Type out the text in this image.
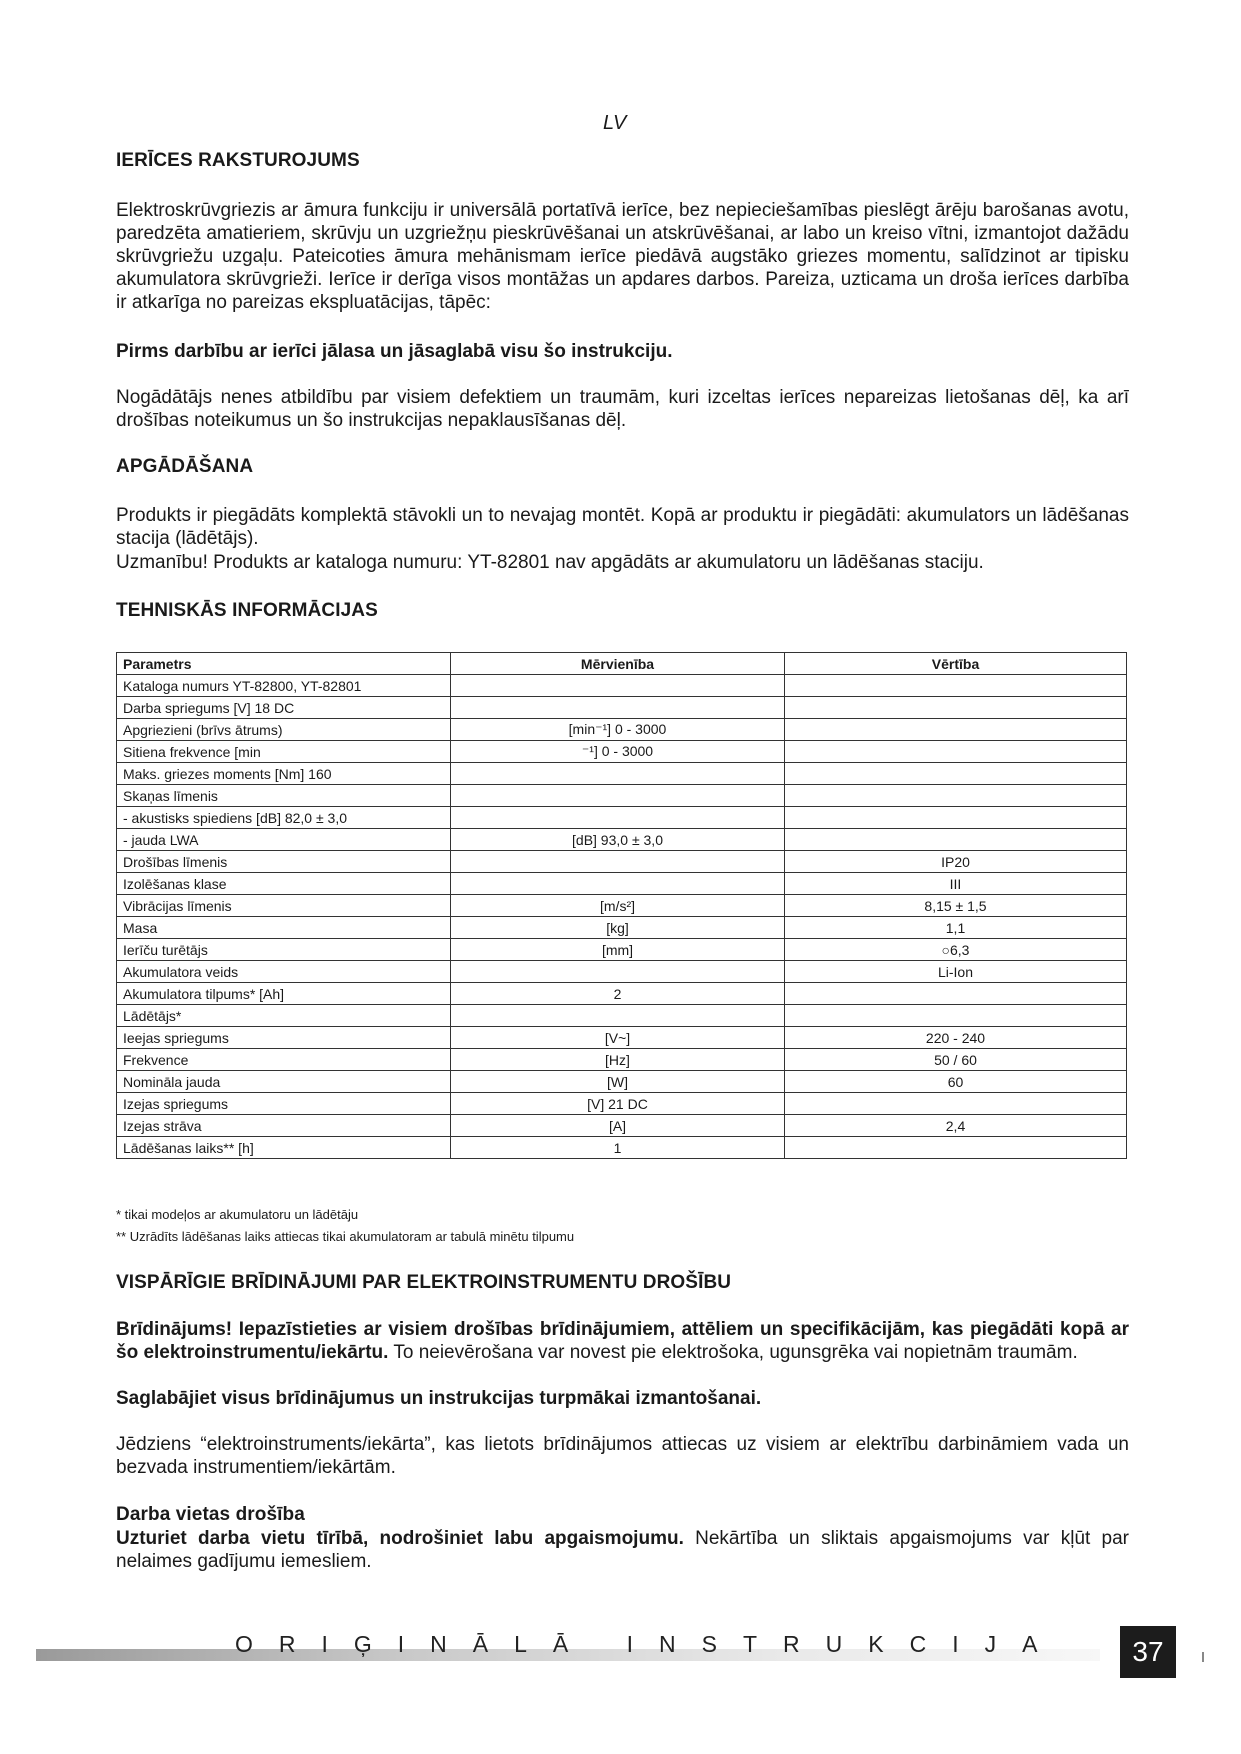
LV
IERĪCES RAKSTUROJUMS
Elektroskrūvgriezis ar āmura funkciju ir universālā portatīvā ierīce, bez nepieciešamības pieslēgt ārēju barošanas avotu, paredzēta amatieriem, skrūvju un uzgriežņu pieskrūvēšanai un atskrūvēšanai, ar labo un kreiso vītni, izmantojot dažādu skrūvgriežu uzgaļu. Pateicoties āmura mehānismam ierīce piedāvā augstāko griezes momentu, salīdzinot ar tipisku akumulatora skrūvgrieži. Ierīce ir derīga visos montāžas un apdares darbos. Pareiza, uzticama un droša ierīces darbība ir atkarīga no pareizas ekspluatācijas, tāpēc:
Pirms darbību ar ierīci jālasa un jāsaglabā visu šo instrukciju.
Nogādātājs nenes atbildību par visiem defektiem un traumām, kuri izceltas ierīces nepareizas lietošanas dēļ, ka arī drošības noteikumus un šo instrukcijas nepaklausīšanas dēļ.
APGĀDĀŠANA
Produkts ir piegādāts komplektā stāvokli un to nevajag montēt. Kopā ar produktu ir piegādāti: akumulators un lādēšanas stacija (lādētājs).
Uzmanību! Produkts ar kataloga numuru: YT-82801 nav apgādāts ar akumulatoru un lādēšanas staciju.
TEHNISKĀS INFORMĀCIJAS
Parametrs	Mērvienība	Vērtība
Kataloga numurs YT-82800, YT-82801		
Darba spriegums [V] 18 DC		
Apgriezieni (brīvs ātrums)	[min⁻¹] 0 - 3000	
Sitiena frekvence [min	⁻¹] 0 - 3000	
Maks. griezes moments [Nm] 160		
Skaņas līmenis		
- akustisks spiediens [dB] 82,0 ± 3,0		
- jauda LWA	[dB] 93,0 ± 3,0	
Drošības līmenis		IP20
Izolēšanas klase		III
Vibrācijas līmenis	[m/s²]	8,15 ± 1,5
Masa	[kg]	1,1
Ierīču turētājs	[mm]	○6,3
Akumulatora veids		Li-Ion
Akumulatora tilpums* [Ah]	2	
Lādētājs*		
Ieejas spriegums	[V~]	220 - 240
Frekvence	[Hz]	50 / 60
Nomināla jauda	[W]	60
Izejas spriegums	[V] 21 DC	
Izejas strāva	[A]	2,4
Lādēšanas laiks** [h]	1	
* tikai modeļos ar akumulatoru un lādētāju
** Uzrādīts lādēšanas laiks attiecas tikai akumulatoram ar tabulā minētu tilpumu
VISPĀRĪGIE BRĪDINĀJUMI PAR ELEKTROINSTRUMENTU DROŠĪBU
Brīdinājums! Iepazīstieties ar visiem drošības brīdinājumiem, attēliem un specifikācijām, kas piegādāti kopā ar šo elektroinstrumentu/iekārtu. To neievērošana var novest pie elektrošoka, ugunsgrēka vai nopietnām traumām.
Saglabājiet visus brīdinājumus un instrukcijas turpmākai izmantošanai.
Jēdziens “elektroinstruments/iekārta”, kas lietots brīdinājumos attiecas uz visiem ar elektrību darbināmiem vada un bezvada instrumentiem/iekārtām.
Darba vietas drošība
Uzturiet darba vietu tīrībā, nodrošiniet labu apgaismojumu. Nekārtība un sliktais apgaismojums var kļūt par nelaimes gadījumu iemesliem.
ORIĢINĀLĀ INSTRUKCIJA	37
